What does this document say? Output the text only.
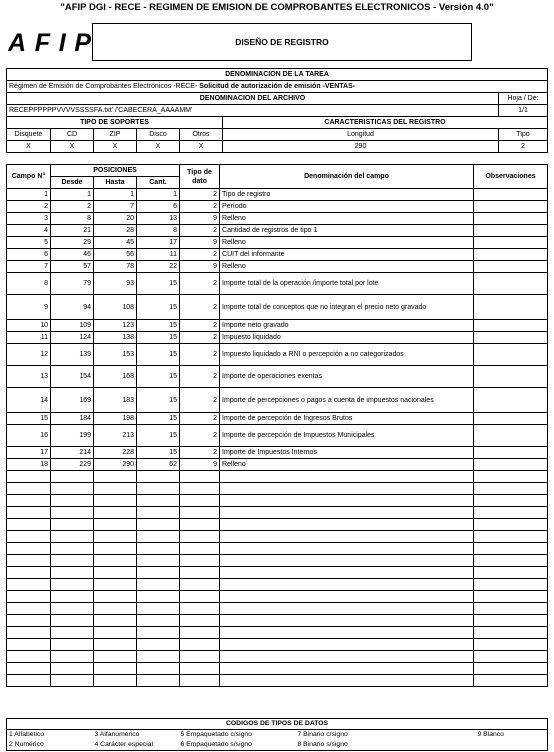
"AFIP DGI - RECE - REGIMEN DE EMISION DE COMPROBANTES ELECTRONICOS - Versión 4.0"
AFIP	DISEÑO DE REGISTRO
DENOMINACION DE LA TAREA						
Régimen de Emisión de Comprobantes Electrónicos -RECE- Solicitud de autorización de emisión -VENTAS-						
DENOMINACION DEL ARCHIVO						Hoja / De:
RECEPPPPPPVVVVSSSSFA.txt' /'CABECERA_AAAAMM'						1/1
TIPO DE SOPORTES					CARACTERISTICAS DEL REGISTRO	
Disquete	CD	ZIP	Disco	Otros	Longitud	Tipo
X	X	X	X	X	290	2
Campo N°	POSICIONES			Tipo de dato	Denominación del campo	Observaciones
	Desde	Hasta	Cant.			
1	1	1	1	2	Tipo de registro	
2	2	7	6	2	Período	
3	8	20	13	9	Relleno	
4	21	28	8	2	Cantidad de registros de tipo 1	
5	29	45	17	9	Relleno	
6	46	56	11	2	CUIT del informante	
7	57	78	22	9	Relleno	
8	79	93	15	2	Importe total de la operación /importe total por lote	
9	94	108	15	2	Importe total de conceptos que no integran el precio neto gravado	
10	109	123	15	2	Importe neto gravado	
11	124	138	15	2	Impuesto liquidado	
12	139	153	15	2	Impuesto liquidado a RNI o percepción a no categorizados	
13	154	168	15	2	Importe de operaciones exentas	
14	169	183	15	2	Importe de percepciones o pagos a cuenta de impuestos nacionales	
15	184	198	15	2	Importe de percepción de Ingresos Brutos	
16	199	213	15	2	Importe de percepción de Impuestos Municipales	
17	214	228	15	2	Importe de Impuestos Internos	
18	229	290	62	9	Relleno	

CODIGOS DE TIPOS DE DATOS				
1 Alfabético	3 Alfanumérico	5 Empaquetado c/signo	7 Binario c/signo	9 Blanco
2 Numérico	4 Carácter especial	6 Empaquetado s/signo	8 Binario s/signo	
